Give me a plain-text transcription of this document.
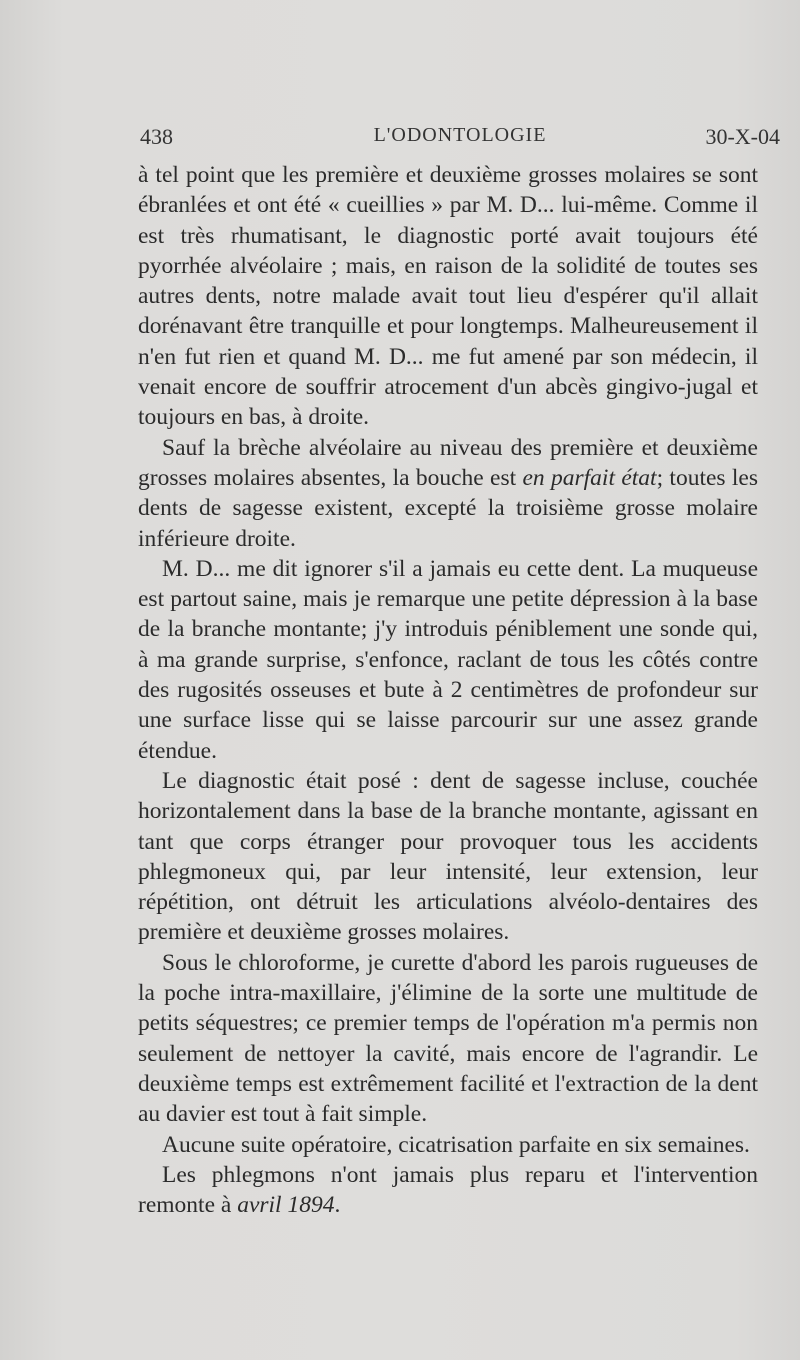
438	L'ODONTOLOGIE	30-X-04

à tel point que les première et deuxième grosses molaires se sont ébranlées et ont été « cueillies » par M. D... lui-même. Comme il est très rhumatisant, le diagnostic porté avait toujours été pyorrhée alvéolaire ; mais, en raison de la solidité de toutes ses autres dents, notre malade avait tout lieu d'espérer qu'il allait dorénavant être tranquille et pour longtemps. Malheureusement il n'en fut rien et quand M. D... me fut amené par son médecin, il venait encore de souffrir atrocement d'un abcès gingivo-jugal et toujours en bas, à droite.

Sauf la brèche alvéolaire au niveau des première et deuxième grosses molaires absentes, la bouche est en parfait état; toutes les dents de sagesse existent, excepté la troisième grosse molaire inférieure droite.

M. D... me dit ignorer s'il a jamais eu cette dent. La muqueuse est partout saine, mais je remarque une petite dépression à la base de la branche montante; j'y introduis péniblement une sonde qui, à ma grande surprise, s'enfonce, raclant de tous les côtés contre des rugosités osseuses et bute à 2 centimètres de profondeur sur une surface lisse qui se laisse parcourir sur une assez grande étendue.

Le diagnostic était posé : dent de sagesse incluse, couchée horizontalement dans la base de la branche montante, agissant en tant que corps étranger pour provoquer tous les accidents phlegmoneux qui, par leur intensité, leur extension, leur répétition, ont détruit les articulations alvéolo-dentaires des première et deuxième grosses molaires.

Sous le chloroforme, je curette d'abord les parois rugueuses de la poche intra-maxillaire, j'élimine de la sorte une multitude de petits séquestres; ce premier temps de l'opération m'a permis non seulement de nettoyer la cavité, mais encore de l'agrandir. Le deuxième temps est extrêmement facilité et l'extraction de la dent au davier est tout à fait simple.

Aucune suite opératoire, cicatrisation parfaite en six semaines.

Les phlegmons n'ont jamais plus reparu et l'intervention remonte à avril 1894.
